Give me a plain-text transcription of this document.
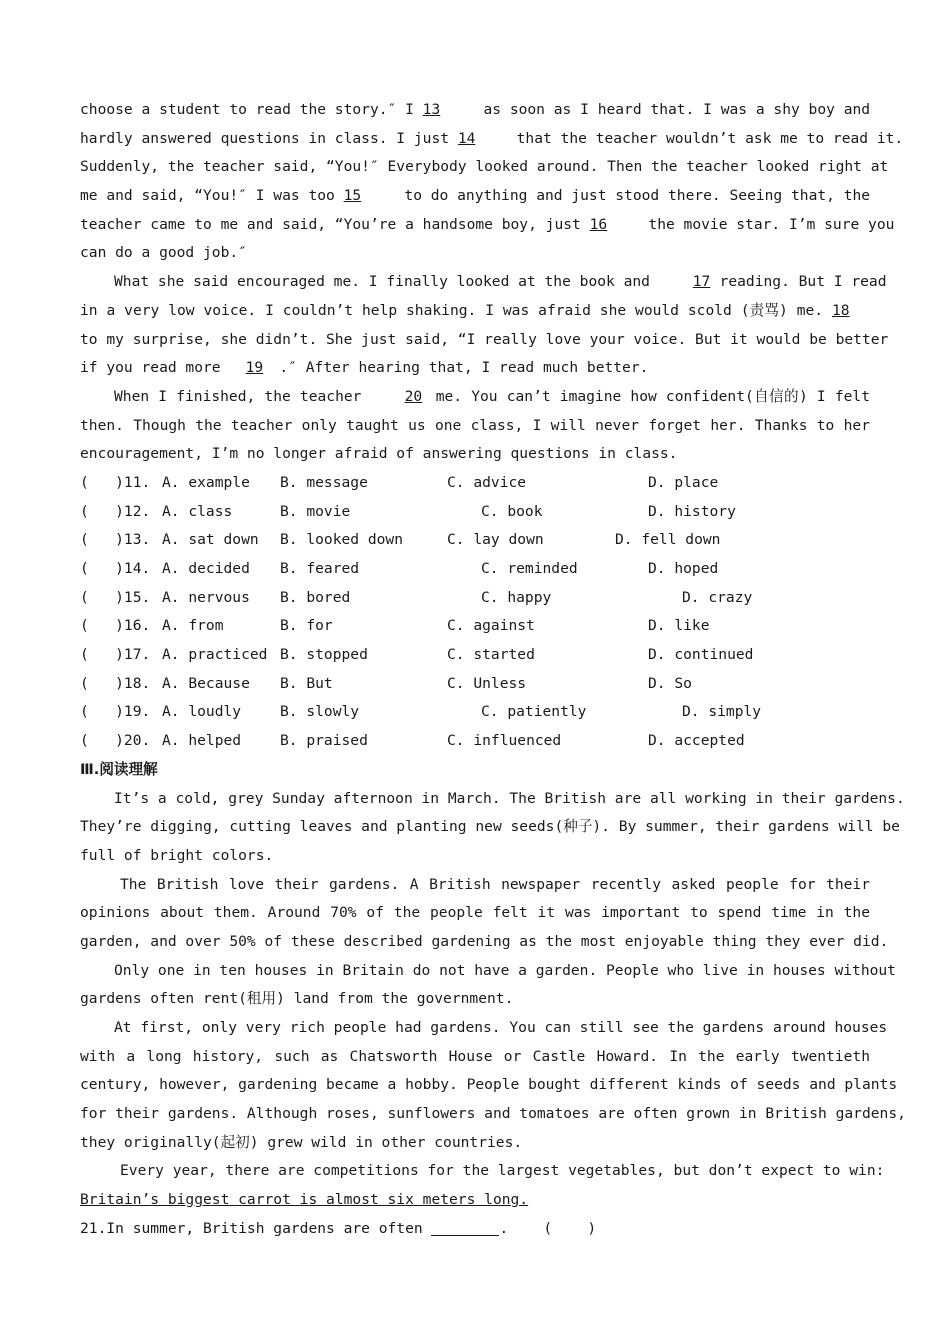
choose a student to read the story.″ I 13	as soon as I heard that. I was a shy boy and
hardly answered questions in class. I just 14	that the teacher wouldn’t ask me to read it.
Suddenly, the teacher said, “You!″ Everybody looked around. Then the teacher looked right at
me and said, “You!″ I was too 15	to do anything and just stood there. Seeing that, the
teacher came to me and said, “You’re a handsome boy, just 16	the movie star. I’m sure you
can do a good job.″
What she said encouraged me. I finally looked at the book and	17 reading. But I read
in a very low voice. I couldn’t help shaking. I was afraid she would scold (责骂) me. 18
to my surprise, she didn’t. She just said, “I really love your voice. But it would be better
if you read more 19 .″ After hearing that, I read much better.
When I finished, the teacher	20 me. You can’t imagine how confident(自信的) I felt
then. Though the teacher only taught us one class, I will never forget her. Thanks to her
encouragement, I’m no longer afraid of answering questions in class.
(   )11. A. example B. message	C. advice	D. place
(   )12. A. class	B. movie	C. book	D. history
(   )13. A. sat down B. looked down	C. lay down	D. fell down
(   )14. A. decided B. feared	C. reminded	D. hoped
(   )15. A. nervous B. bored	C. happy	D. crazy
(   )16. A. from	B. for	C. against	D. like
(   )17. A. practiced B. stopped	C. started	D. continued
(   )18. A. Because B. But	C. Unless	D. So
(   )19. A. loudly	B. slowly	C. patiently	D. simply
(   )20. A. helped	B. praised	C. influenced	D. accepted
Ⅲ.阅读理解
It’s a cold, grey Sunday afternoon in March. The British are all working in their gardens.
They’re digging, cutting leaves and planting new seeds(种子). By summer, their gardens will be
full of bright colors.
The British love their gardens. A British newspaper recently asked people for their
opinions about them. Around 70% of the people felt it was important to spend time in the
garden, and over 50% of these described gardening as the most enjoyable thing they ever did.
Only one in ten houses in Britain do not have a garden. People who live in houses without
gardens often rent(租用) land from the government.
At first, only very rich people had gardens. You can still see the gardens around houses
with a long history, such as Chatsworth House or Castle Howard. In the early twentieth
century, however, gardening became a hobby. People bought different kinds of seeds and plants
for their gardens. Although roses, sunflowers and tomatoes are often grown in British gardens,
they originally(起初) grew wild in other countries.
Every year, there are competitions for the largest vegetables, but don’t expect to win:
Britain’s biggest carrot is almost six meters long.
21.In summer, British gardens are often	. (    )
